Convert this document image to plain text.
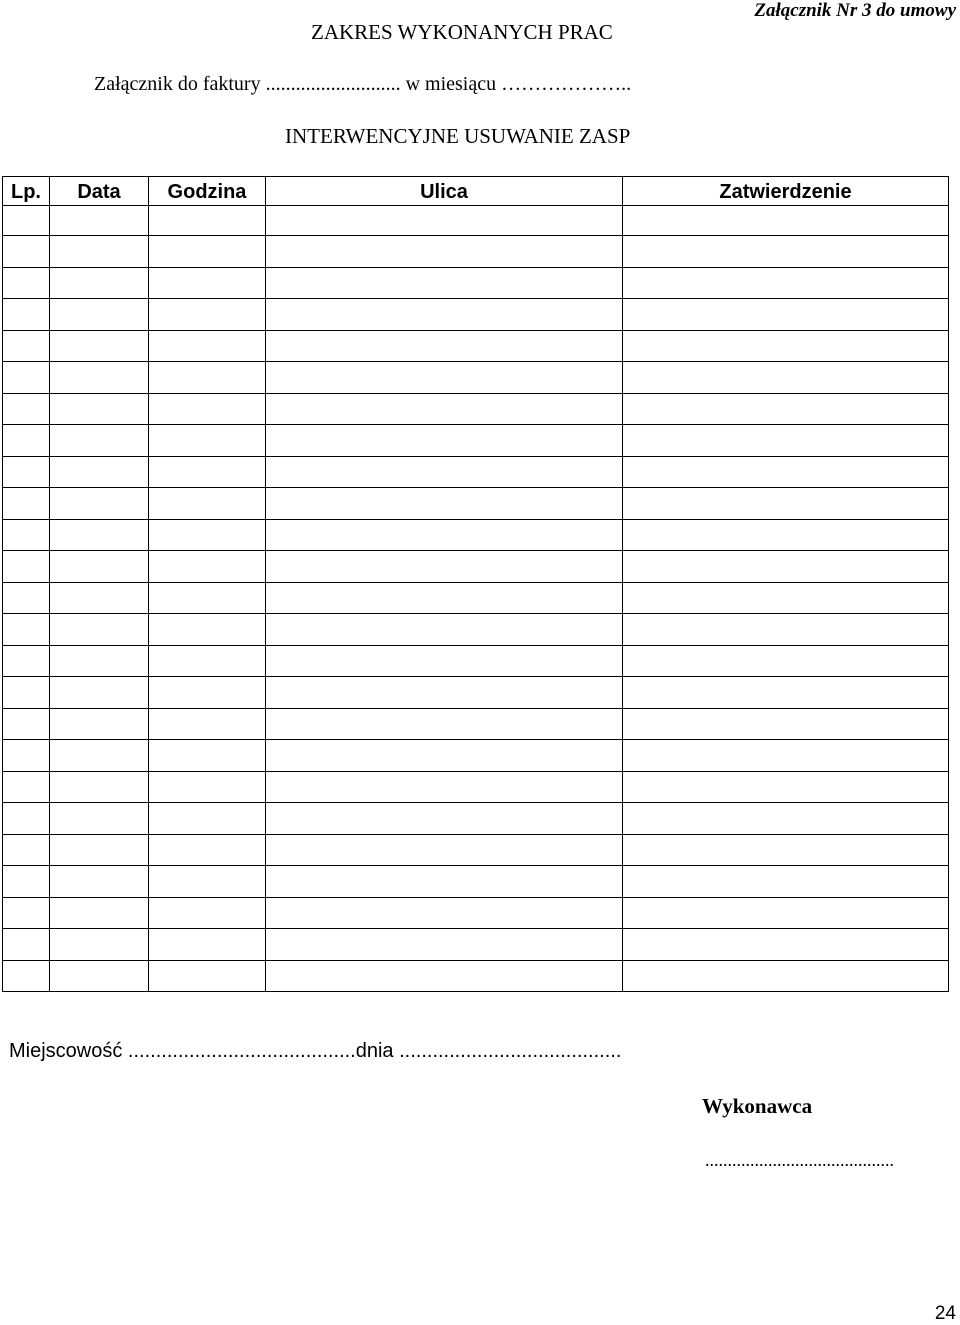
Załącznik Nr 3 do umowy
ZAKRES WYKONANYCH PRAC
Załącznik do faktury ........................... w miesiącu ………………..
INTERWENCYJNE USUWANIE ZASP
Lp.	Data	Godzina	Ulica	Zatwierdzenie

Miejscowość .........................................dnia ........................................
Wykonawca
..........................................
24
